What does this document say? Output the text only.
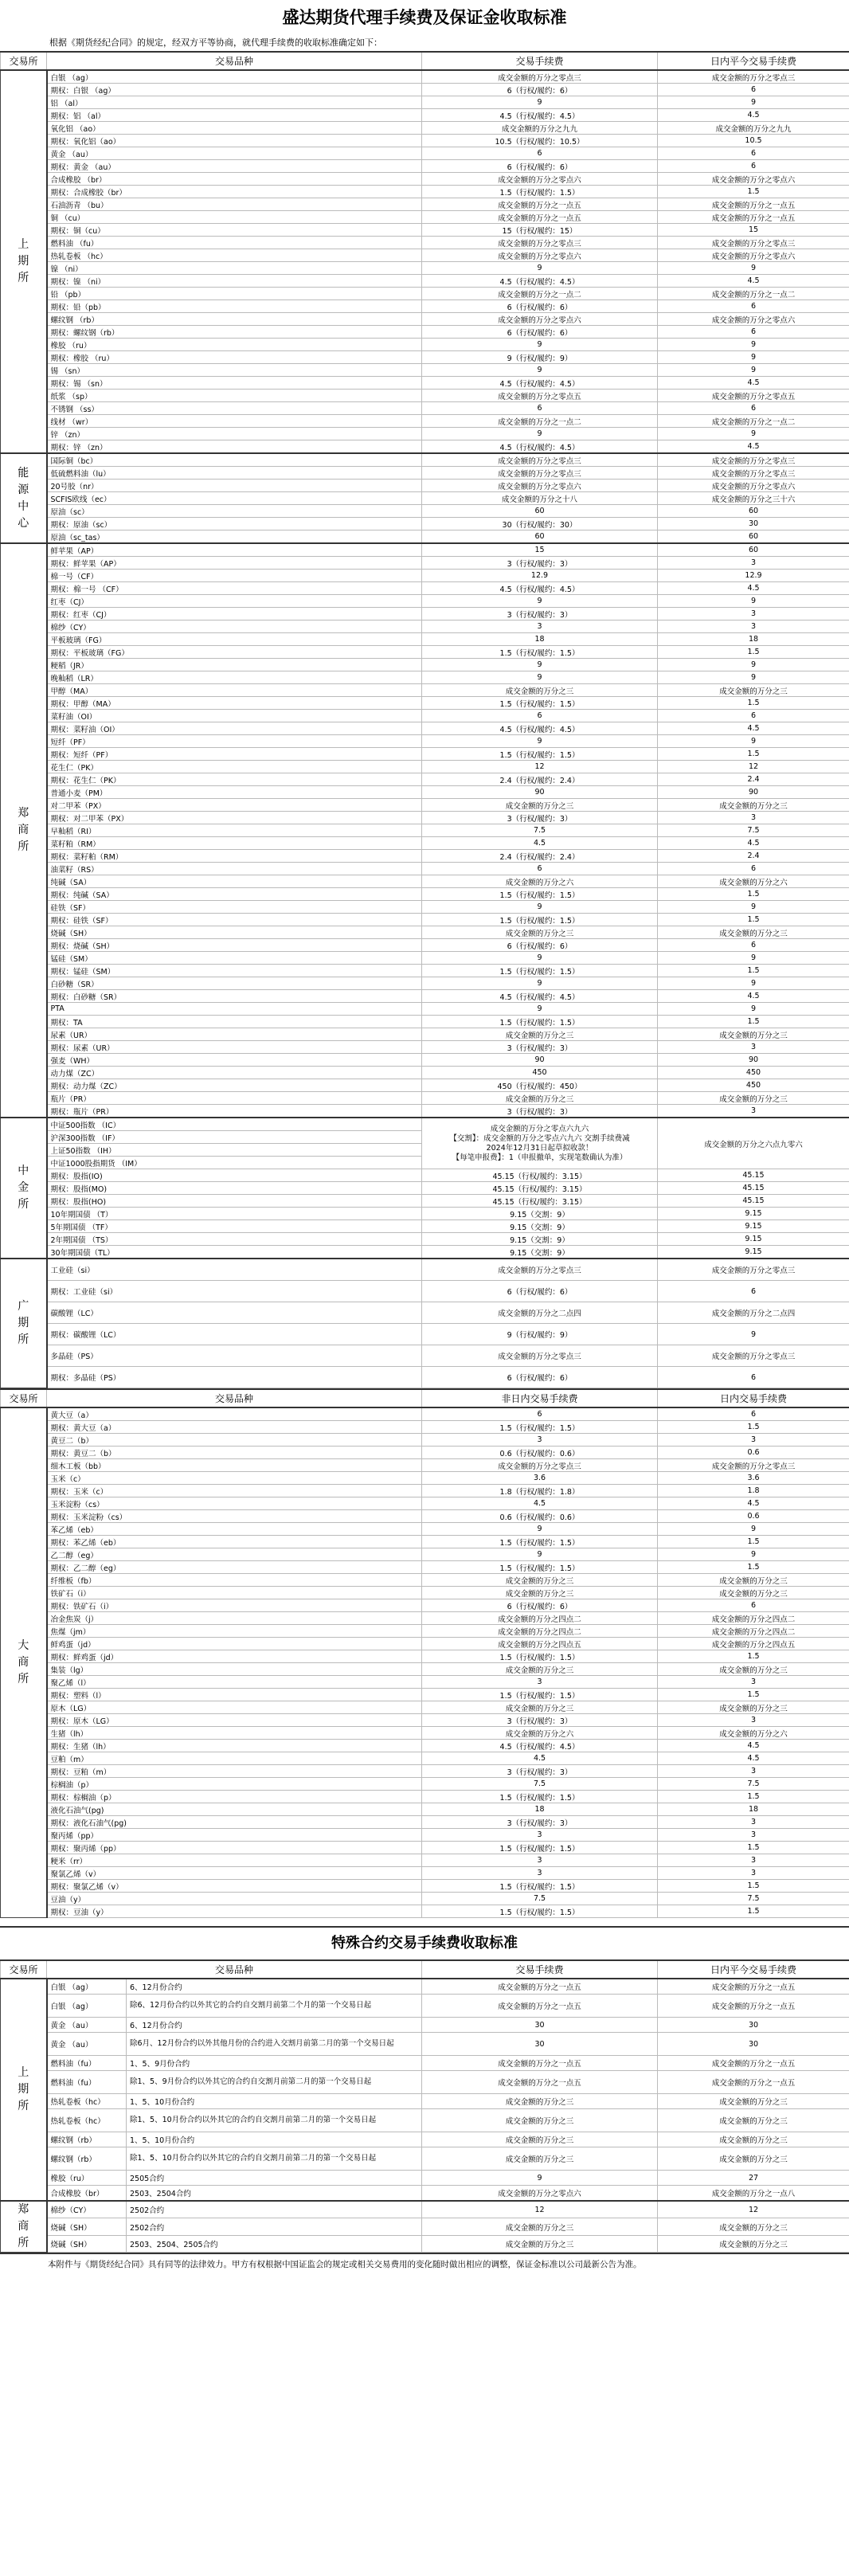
盛达期货代理手续费及保证金收取标准
根据《期货经纪合同》的规定，经双方平等协商，就代理手续费的收取标准确定如下：
交易所	交易品种	交易手续费	日内平今交易手续费
上
期
所	白银 （ag）	成交金额的万分之零点三	成交金额的万分之零点三
	期权：白银 （ag）	6（行权/履约：6）	6
	铝 （al）	9	9
	期权：铝 （al）	4.5（行权/履约：4.5）	4.5
	氧化铝 （ao）	成交金额的万分之九九	成交金额的万分之九九
	期权：氧化铝（ao）	10.5（行权/履约：10.5）	10.5
	黄金 （au）	6	6
	期权：黄金 （au）	6（行权/履约：6）	6
	合成橡胶 （br）	成交金额的万分之零点六	成交金额的万分之零点六
	期权：合成橡胶（br）	1.5（行权/履约：1.5）	1.5
	石油沥青 （bu）	成交金额的万分之一点五	成交金额的万分之一点五
	铜 （cu）	成交金额的万分之一点五	成交金额的万分之一点五
	期权：铜（cu）	15（行权/履约：15）	15
	燃料油 （fu）	成交金额的万分之零点三	成交金额的万分之零点三
	热轧卷板 （hc）	成交金额的万分之零点六	成交金额的万分之零点六
	镍 （ni）	9	9
	期权：镍 （ni）	4.5（行权/履约：4.5）	4.5
	铅 （pb）	成交金额的万分之一点二	成交金额的万分之一点二
	期权：铅（pb）	6（行权/履约：6）	6
	螺纹钢 （rb）	成交金额的万分之零点六	成交金额的万分之零点六
	期权：螺纹钢（rb）	6（行权/履约：6）	6
	橡胶 （ru）	9	9
	期权：橡胶 （ru）	9（行权/履约：9）	9
	锡 （sn）	9	9
	期权：锡 （sn）	4.5（行权/履约：4.5）	4.5
	纸浆 （sp）	成交金额的万分之零点五	成交金额的万分之零点五
	不锈钢 （ss）	6	6
	线材 （wr）	成交金额的万分之一点二	成交金额的万分之一点二
	锌 （zn）	9	9
	期权：锌 （zn）	4.5（行权/履约：4.5）	4.5
能
源
中
心	国际铜（bc）	成交金额的万分之零点三	成交金额的万分之零点三
	低硫燃料油（lu）	成交金额的万分之零点三	成交金额的万分之零点三
	20号胶（nr）	成交金额的万分之零点六	成交金额的万分之零点六
	SCFIS欧线（ec）	成交金额的万分之十八	成交金额的万分之三十六
	原油（sc）	60	60
	期权：原油（sc）	30（行权/履约：30）	30
	原油（sc_tas）	60	60
郑
商
所	鲜苹果（AP）	15	60
	期权：鲜苹果（AP）	3（行权/履约：3）	3
	棉一号（CF）	12.9	12.9
	期权：棉一号 （CF）	4.5（行权/履约：4.5）	4.5
	红枣（CJ）	9	9
	期权：红枣（CJ）	3（行权/履约：3）	3
	棉纱（CY）	3	3
	平板玻璃（FG）	18	18
	期权：平板玻璃（FG）	1.5（行权/履约：1.5）	1.5
	粳稻（JR）	9	9
	晚籼稻（LR）	9	9
	甲醇（MA）	成交金额的万分之三	成交金额的万分之三
	期权：甲醇（MA）	1.5（行权/履约：1.5）	1.5
	菜籽油（OI）	6	6
	期权：菜籽油（OI）	4.5（行权/履约：4.5）	4.5
	短纤（PF）	9	9
	期权：短纤（PF）	1.5（行权/履约：1.5）	1.5
	花生仁（PK）	12	12
	期权：花生仁（PK）	2.4（行权/履约：2.4）	2.4
	普通小麦（PM）	90	90
	对二甲苯（PX）	成交金额的万分之三	成交金额的万分之三
	期权：对二甲苯（PX）	3（行权/履约：3）	3
	早籼稻（RI）	7.5	7.5
	菜籽粕（RM）	4.5	4.5
	期权：菜籽粕（RM）	2.4（行权/履约：2.4）	2.4
	油菜籽（RS）	6	6
	纯碱（SA）	成交金额的万分之六	成交金额的万分之六
	期权：纯碱（SA）	1.5（行权/履约：1.5）	1.5
	硅铁（SF）	9	9
	期权：硅铁（SF）	1.5（行权/履约：1.5）	1.5
	烧碱（SH）	成交金额的万分之三	成交金额的万分之三
	期权：烧碱（SH）	6（行权/履约：6）	6
	锰硅（SM）	9	9
	期权：锰硅（SM）	1.5（行权/履约：1.5）	1.5
	白砂糖（SR）	9	9
	期权：白砂糖（SR）	4.5（行权/履约：4.5）	4.5
	PTA	9	9
	期权：TA	1.5（行权/履约：1.5）	1.5
	尿素（UR）	成交金额的万分之三	成交金额的万分之三
	期权：尿素（UR）	3（行权/履约：3）	3
	强麦（WH）	90	90
	动力煤（ZC）	450	450
	期权：动力煤（ZC）	450（行权/履约：450）	450
	瓶片（PR）	成交金额的万分之三	成交金额的万分之三
	期权：瓶片（PR）	3（行权/履约：3）	3
中
金
所	中证500指数 （IC）	成交金额的万分之零点六九六
【交割】：成交金额的万分之零点六九六 交割手续费减
2024年12月31日起草拟收款！
【每笔申报费】：1（申报撤单，实现笔数确认为准）	成交金额的万分之六点九零六
	沪深300指数 （IF）		
	上证50指数 （IH）		
	中证1000股指期货 （IM）		
	期权：股指(IO)	45.15（行权/履约：3.15）	45.15
	期权：股指(MO)	45.15（行权/履约：3.15）	45.15
	期权：股指(HO)	45.15（行权/履约：3.15）	45.15
	10年期国债 （T）	9.15（交割：9）	9.15
	5年期国债 （TF）	9.15（交割：9）	9.15
	2年期国债 （TS）	9.15（交割：9）	9.15
	30年期国债（TL）	9.15（交割：9）	9.15
广
期
所	工业硅（si）	成交金额的万分之零点三	成交金额的万分之零点三
	期权：工业硅（si）	6（行权/履约：6）	6
	碳酸锂（LC）	成交金额的万分之二点四	成交金额的万分之二点四
	期权：碳酸锂（LC）	9（行权/履约：9）	9
	多晶硅（PS）	成交金额的万分之零点三	成交金额的万分之零点三
	期权：多晶硅（PS）	6（行权/履约：6）	6
交易所	交易品种	非日内交易手续费	日内交易手续费
大
商
所	黄大豆（a）	6	6
	期权：黄大豆（a）	1.5（行权/履约：1.5）	1.5
	黄豆二（b）	3	3
	期权：黄豆二（b）	0.6（行权/履约：0.6）	0.6
	细木工板（bb）	成交金额的万分之零点三	成交金额的万分之零点三
	玉米（c）	3.6	3.6
	期权：玉米（c）	1.8（行权/履约：1.8）	1.8
	玉米淀粉（cs）	4.5	4.5
	期权：玉米淀粉（cs）	0.6（行权/履约：0.6）	0.6
	苯乙烯（eb）	9	9
	期权：苯乙烯（eb）	1.5（行权/履约：1.5）	1.5
	乙二醇（eg）	9	9
	期权：乙二醇（eg）	1.5（行权/履约：1.5）	1.5
	纤维板（fb）	成交金额的万分之三	成交金额的万分之三
	铁矿石（i）	成交金额的万分之三	成交金额的万分之三
	期权：铁矿石（i）	6（行权/履约：6）	6
	冶金焦炭（j）	成交金额的万分之四点二	成交金额的万分之四点二
	焦煤（jm）	成交金额的万分之四点二	成交金额的万分之四点二
	鲜鸡蛋（jd）	成交金额的万分之四点五	成交金额的万分之四点五
	期权：鲜鸡蛋（jd）	1.5（行权/履约：1.5）	1.5
	集装（lg）	成交金额的万分之三	成交金额的万分之三
	聚乙烯（l）	3	3
	期权：塑料（l）	1.5（行权/履约：1.5）	1.5
	原木（LG）	成交金额的万分之三	成交金额的万分之三
	期权：原木（LG）	3（行权/履约：3）	3
	生猪（lh）	成交金额的万分之六	成交金额的万分之六
	期权：生猪（lh）	4.5（行权/履约：4.5）	4.5
	豆粕（m）	4.5	4.5
	期权：豆粕（m）	3（行权/履约：3）	3
	棕榈油（p）	7.5	7.5
	期权：棕榈油（p）	1.5（行权/履约：1.5）	1.5
	液化石油气(pg)	18	18
	期权：液化石油气(pg)	3（行权/履约：3）	3
	聚丙烯（pp）	3	3
	期权：聚丙烯（pp）	1.5（行权/履约：1.5）	1.5
	粳米（rr）	3	3
	聚氯乙烯（v）	3	3
	期权：聚氯乙烯（v）	1.5（行权/履约：1.5）	1.5
	豆油（y）	7.5	7.5
	期权：豆油（y）	1.5（行权/履约：1.5）	1.5
特殊合约交易手续费收取标准
交易所	交易品种		交易手续费	日内平今交易手续费
上
期
所	白银 （ag）	6、12月份合约	成交金额的万分之一点五	成交金额的万分之一点五
	白银 （ag）	除6、12月份合约以外其它的合约自交割月前第二个月的第一个交易日起	成交金额的万分之一点五	成交金额的万分之一点五
	黄金 （au）	6、12月份合约	30	30
	黄金 （au）	除6月、12月份合约以外其他月份的合约进入交割月前第二月的第一个交易日起	30	30
	燃料油（fu）	1、5、9月份合约	成交金额的万分之一点五	成交金额的万分之一点五
	燃料油（fu）	除1、5、9月份合约以外其它的合约自交割月前第二月的第一个交易日起	成交金额的万分之一点五	成交金额的万分之一点五
	热轧卷板（hc）	1、5、10月份合约	成交金额的万分之三	成交金额的万分之三
	热轧卷板（hc）	除1、5、10月份合约以外其它的合约自交割月前第二月的第一个交易日起	成交金额的万分之三	成交金额的万分之三
	螺纹钢（rb）	1、5、10月份合约	成交金额的万分之三	成交金额的万分之三
	螺纹钢（rb）	除1、5、10月份合约以外其它的合约自交割月前第二月的第一个交易日起	成交金额的万分之三	成交金额的万分之三
	橡胶（ru）	2505合约	9	27
	合成橡胶（br）	2503、2504合约	成交金额的万分之零点六	成交金额的万分之一点八
郑
商
所	棉纱（CY）	2502合约	12	12
	烧碱（SH）	2502合约	成交金额的万分之三	成交金额的万分之三
	烧碱（SH）	2503、2504、2505合约	成交金额的万分之三	成交金额的万分之三
本附件与《期货经纪合同》具有同等的法律效力。甲方有权根据中国证监会的规定或相关交易费用的变化随时做出相应的调整，保证金标准以公司最新公告为准。
